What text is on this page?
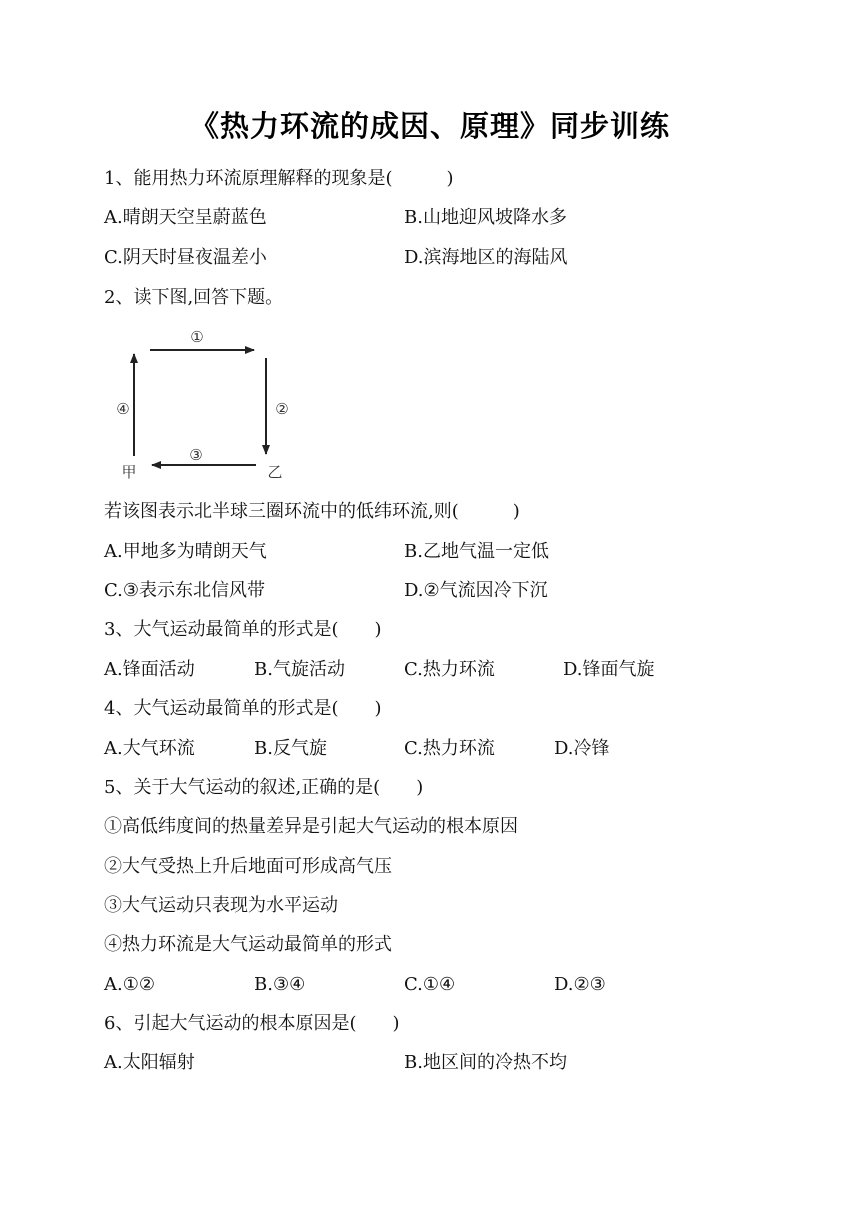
《热力环流的成因、原理》同步训练
1、能用热力环流原理解释的现象是(　　　)
A.晴朗天空呈蔚蓝色	B.山地迎风坡降水多
C.阴天时昼夜温差小	D.滨海地区的海陆风
2、读下图,回答下题。
①
②
③
④
甲	乙
若该图表示北半球三圈环流中的低纬环流,则(　　　)
A.甲地多为晴朗天气	B.乙地气温一定低
C.③表示东北信风带	D.②气流因冷下沉
3、大气运动最简单的形式是(　　)
A.锋面活动	B.气旋活动	C.热力环流	D.锋面气旋
4、大气运动最简单的形式是(　　)
A.大气环流	B.反气旋	C.热力环流	D.冷锋
5、关于大气运动的叙述,正确的是(　　)
①高低纬度间的热量差异是引起大气运动的根本原因
②大气受热上升后地面可形成高气压
③大气运动只表现为水平运动
④热力环流是大气运动最简单的形式
A.①②	B.③④	C.①④	D.②③
6、引起大气运动的根本原因是(　　)
A.太阳辐射	B.地区间的冷热不均
